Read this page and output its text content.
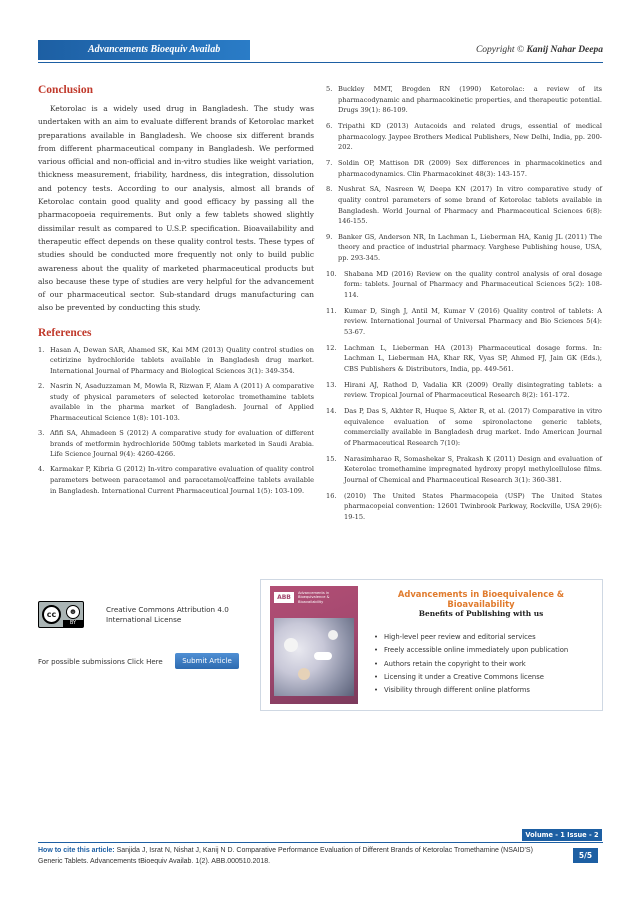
Advancements Bioequiv Availab	Copyright © Kanij Nahar Deepa
Conclusion

Ketorolac is a widely used drug in Bangladesh. The study was undertaken with an aim to evaluate different brands of Ketorolac market preparations available in Bangladesh. We choose six different brands from different pharmaceutical company in Bangladesh. We performed various official and non-official and in-vitro studies like weight variation, thickness measurement, friability, hardness, dis integration, dissolution and potency tests. According to our analysis, almost all brands of Ketorolac contain good quality and good efficacy by passing all the pharmacopoeia requirements. But only a few tablets showed slightly dissimilar result as compared to U.S.P. specification. Bioavailability and therapeutic effect depends on these quality control tests. These types of studies should be conducted more frequently not only to build public awareness about the quality of marketed pharmaceutical products but also because these type of studies are very helpful for the advancement of our pharmaceutical sector. Sub-standard drugs manufacturing can also be prevented by conducting this study.

References
1. Hasan A, Dewan SAR, Ahamed SK, Kai MM (2013) Quality control studies on cetirizine hydrochloride tablets available in Bangladesh drug market. International Journal of Pharmacy and Biological Sciences 3(1): 349-354.
2. Nasrin N, Asaduzzaman M, Mowla R, Rizwan F, Alam A (2011) A comparative study of physical parameters of selected ketorolac tromethamine tablets available in the pharma market of Bangladesh. Journal of Applied Pharmaceutical Science 1(8): 101-103.
3. Afifi SA, Ahmadeen S (2012) A comparative study for evaluation of different brands of metformin hydrochloride 500mg tablets marketed in Saudi Arabia. Life Science Journal 9(4): 4260-4266.
4. Karmakar P, Kibria G (2012) In-vitro comparative evaluation of quality control parameters between paracetamol and paracetamol/caffeine tablets available in Bangladesh. International Current Pharmaceutical Journal 1(5): 103-109.
5. Buckley MMT, Brogden RN (1990) Ketorolac: a review of its pharmacodynamic and pharmacokinetic properties, and therapeutic potential. Drugs 39(1): 86-109.
6. Tripathi KD (2013) Autacoids and related drugs, essential of medical pharmacology. Jaypee Brothers Medical Publishers, New Delhi, India, pp. 200-202.
7. Soldin OP, Mattison DR (2009) Sex differences in pharmacokinetics and pharmacodynamics. Clin Pharmacokinet 48(3): 143-157.
8. Nushrat SA, Nasreen W, Deepa KN (2017) In vitro comparative study of quality control parameters of some brand of Ketorolac tablets available in Bangladesh. World Journal of Pharmacy and Pharmaceutical Sciences 6(8): 146-155.
9. Banker GS, Anderson NR, In Lachman L, Lieberman HA, Kanig JL (2011) The theory and practice of industrial pharmacy. Varghese Publishing house, USA, pp. 293-345.
10.	Shabana MD (2016) Review on the quality control analysis of oral dosage form: tablets. Journal of Pharmacy and Pharmaceutical Sciences 5(2): 108-114.
11.	Kumar D, Singh J, Antil M, Kumar V (2016) Quality control of tablets: A review. International Journal of Universal Pharmacy and Bio Sciences 5(4): 53-67.
12.	Lachman L, Lieberman HA (2013) Pharmaceutical dosage forms. In: Lachman L, Lieberman HA, Khar RK, Vyas SP, Ahmed FJ, Jain GK (Eds.), CBS Publishers & Distributors, India, pp. 449-561.
13.	Hirani AJ, Rathod D, Vadalia KR (2009) Orally disintegrating tablets: a review. Tropical Journal of Pharmaceutical Research 8(2): 161-172.
14.	Das P, Das S, Akhter R, Huque S, Akter R, et al. (2017) Comparative in vitro equivalence evaluation of some spironolactone generic tablets, commercially available in Bangladesh drug market. Indo American Journal of Pharmaceutical Research 7(10):
15.	Narasimharao R, Somashekar S, Prakash K (2011) Design and evaluation of Keterolac tromethamine impregnated hydroxy propyl methylcellulose films. Journal of Chemical and Pharmaceutical Research 3(1): 360-381.
16.	(2010) The United States Pharmacopeia (USP) The United States pharmacopeial convention: 12601 Twinbrook Parkway, Rockville, USA 29(6): 19-15.
cc	☻
BY
Creative Commons Attribution 4.0
International License
For possible submissions Click Here	Submit Article
ABB
Advancements in Bioequivalence & Bioavailability
Advancements in Bioequivalence & Bioavailability
Benefits of Publishing with us
• High-level peer review and editorial services
• Freely accessible online immediately upon publication
• Authors retain the copyright to their work
• Licensing it under a Creative Commons license
• Visibility through different online platforms
Volume - 1 Issue - 2
How to cite this article: Sanjida J, Israt N, Nishat J, Kanij N D. Comparative Performance Evaluation of Different Brands of Ketorolac Tromethamine (NSAID'S) Generic Tablets. Advancements tBioequiv Availab. 1(2). ABB.000510.2018.
5/5
